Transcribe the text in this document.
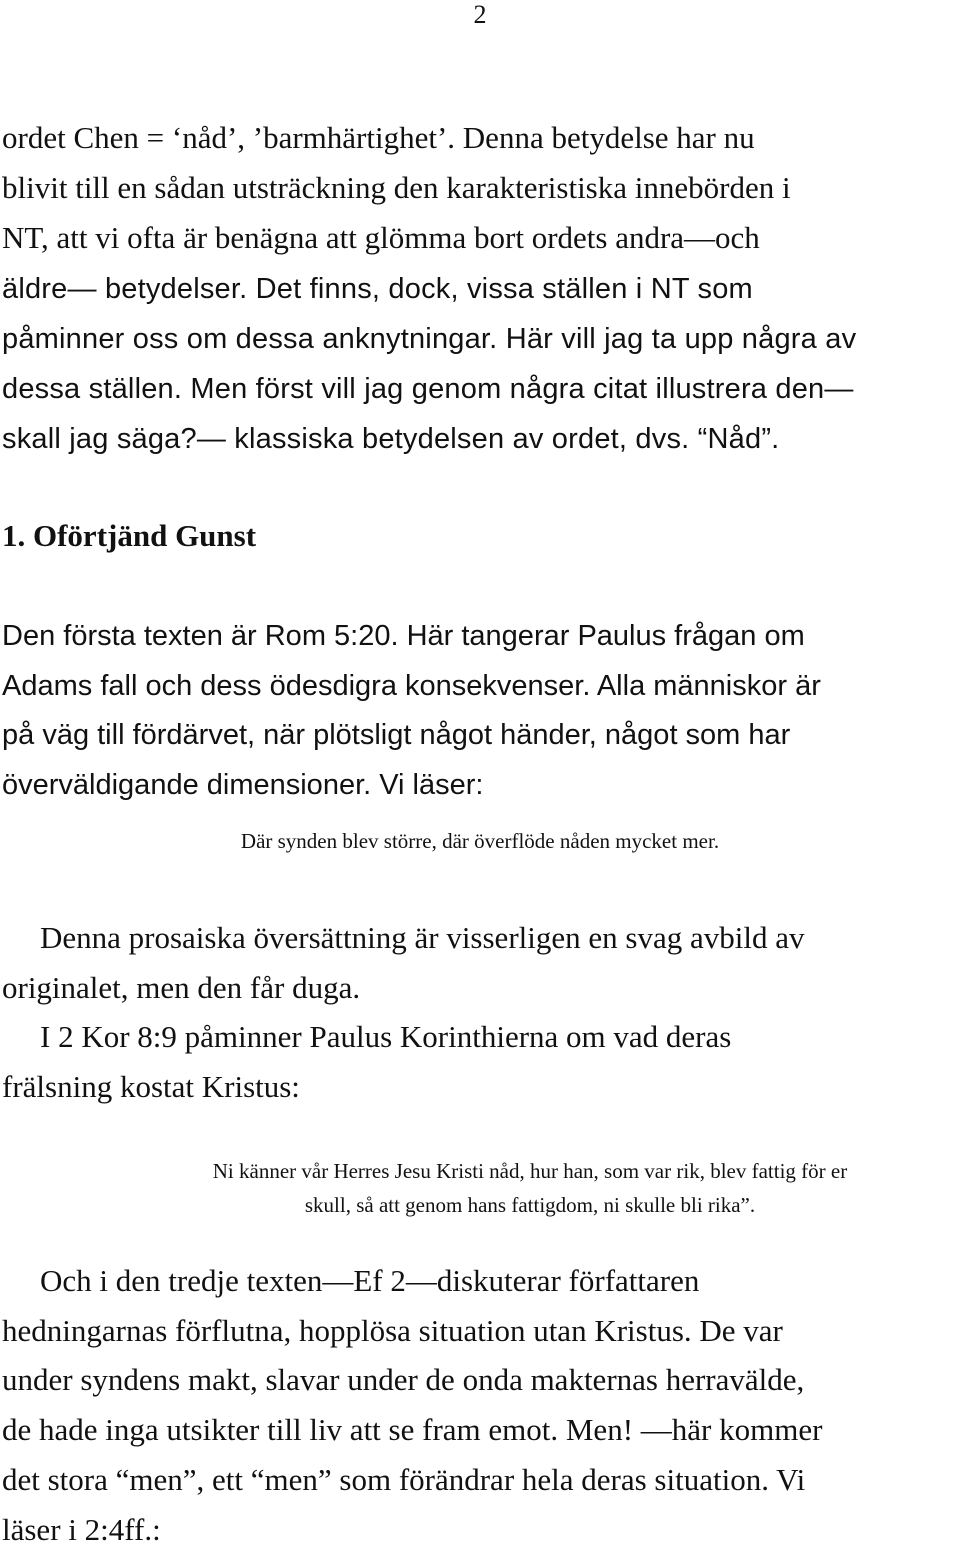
2
ordet Chen = ‘nåd’, ’barmhärtighet’. Denna betydelse har nu
blivit till en sådan utsträckning den karakteristiska innebörden i
NT, att vi ofta är benägna att glömma bort ordets andra—och
äldre— betydelser. Det finns, dock, vissa ställen i NT som
påminner oss om dessa anknytningar. Här vill jag ta upp några av
dessa ställen. Men först vill jag genom några citat illustrera den—
skall jag säga?— klassiska betydelsen av ordet, dvs. “Nåd”.
1. Oförtjänd Gunst
Den första texten är Rom 5:20. Här tangerar Paulus frågan om
Adams fall och dess ödesdigra konsekvenser. Alla människor är
på väg till fördärvet, när plötsligt något händer, något som har
överväldigande dimensioner. Vi läser:
Där synden blev större, där överflöde nåden mycket mer.
Denna prosaiska översättning är visserligen en svag avbild av
originalet, men den får duga.
I 2 Kor 8:9 påminner Paulus Korinthierna om vad deras
frälsning kostat Kristus:
Ni känner vår Herres Jesu Kristi nåd, hur han, som var rik, blev fattig för er
skull, så att genom hans fattigdom, ni skulle bli rika”.
Och i den tredje texten—Ef 2—diskuterar författaren
hedningarnas förflutna, hopplösa situation utan Kristus. De var
under syndens makt, slavar under de onda makternas herravälde,
de hade inga utsikter till liv att se fram emot. Men! —här kommer
det stora “men”, ett “men” som förändrar hela deras situation. Vi
läser i 2:4ff.:
